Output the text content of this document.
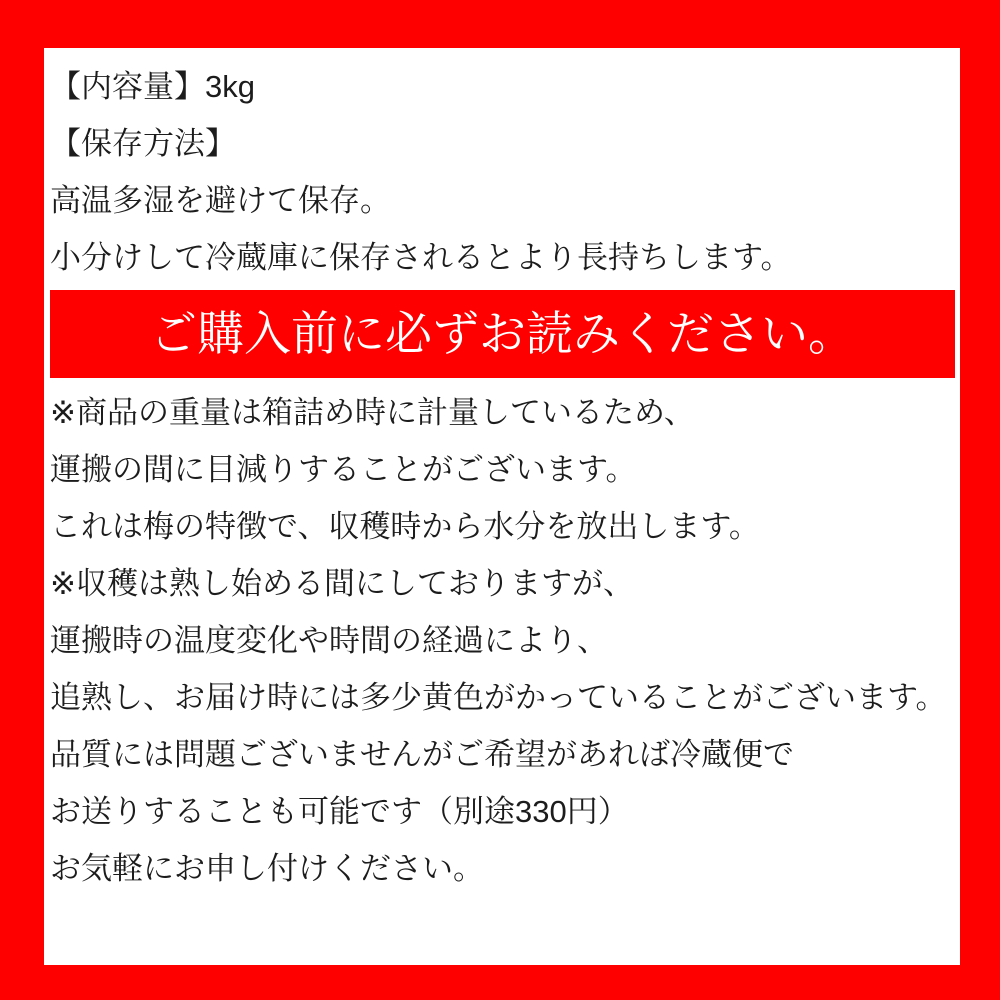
【内容量】3kg
【保存方法】
高温多湿を避けて保存。
小分けして冷蔵庫に保存されるとより長持ちします。
ご購入前に必ずお読みください。
※商品の重量は箱詰め時に計量しているため、
運搬の間に目減りすることがございます。
これは梅の特徴で、収穫時から水分を放出します。
※収穫は熟し始める間にしておりますが、
運搬時の温度変化や時間の経過により、
追熟し、お届け時には多少黄色がかっていることがございます。
品質には問題ございませんがご希望があれば冷蔵便で
お送りすることも可能です（別途330円）
お気軽にお申し付けください。
